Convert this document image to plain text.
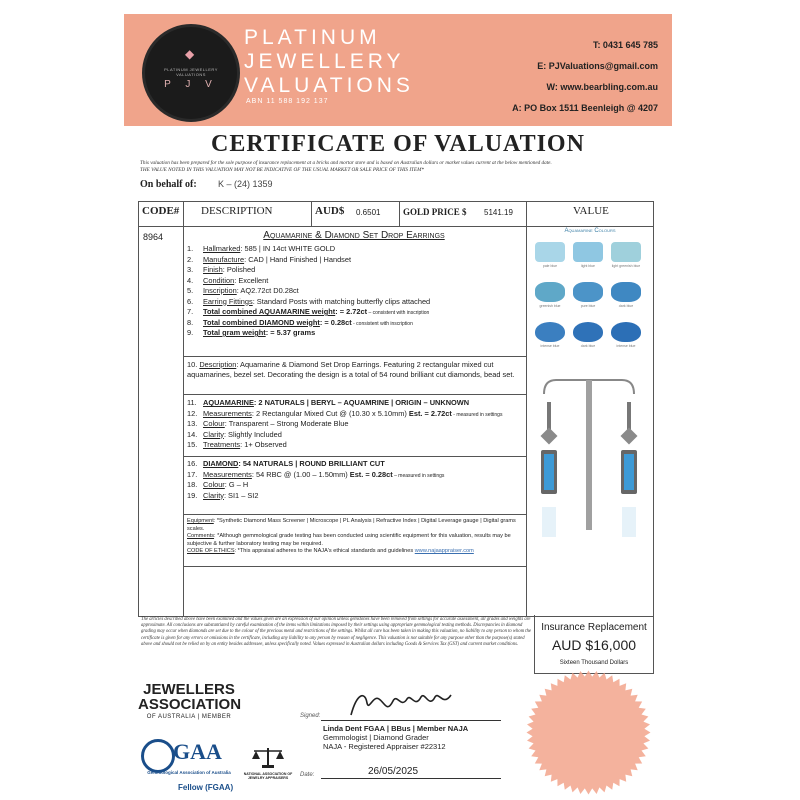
◆
PLATINUM JEWELLERY VALUATIONS
P J V
PLATINUM
JEWELLERY
VALUATIONS
ABN 11 588 192 137
T: 0431 645 785
E: PJValuations@gmail.com
W: www.bearbling.com.au
A: PO Box 1511 Beenleigh @ 4207
CERTIFICATE OF VALUATION
This valuation has been prepared for the sole purpose of insurance replacement at a bricks and mortar store and is based on Australian dollars or market values current at the below mentioned date.
THE VALUE NOTED IN THIS VALUATION MAY NOT BE INDICATIVE OF THE USUAL MARKET OR SALE PRICE OF THIS ITEM*
On behalf of: K – (24) 1359
CODE# DESCRIPTION	AUD$ 0.6501	GOLD PRICE $ 5141.19	VALUE
8964	Aquamarine & Diamond Set Drop Earrings
1. Hallmarked: 585 | IN 14ct WHITE GOLD
2. Manufacture: CAD | Hand Finished | Handset
3. Finish: Polished
4. Condition: Excellent
5. Inscription: AQ2.72ct D0.28ct
6. Earring Fittings: Standard Posts with matching butterfly clips attached
7. Total combined AQUAMARINE weight: = 2.72ct – consistent with inscription
8. Total combined DIAMOND weight: = 0.28ct - consistent with inscription
9. Total gram weight: = 5.37 grams
10. Description: Aquamarine & Diamond Set Drop Earrings. Featuring 2 rectangular mixed cut aquamarines, bezel set. Decorating the design is a total of 54 round brilliant cut diamonds, bead set.
11. AQUAMARINE: 2 NATURALS | BERYL – AQUAMRINE | ORIGIN – UNKNOWN
12. Measurements: 2 Rectangular Mixed Cut @ (10.30 x 5.10mm) Est. = 2.72ct - measured in settings
13. Colour: Transparent – Strong Moderate Blue
14. Clarity: Slightly Included
15. Treatments: 1+ Observed
16. DIAMOND: 54 NATURALS | ROUND BRILLIANT CUT
17. Measurements: 54 RBC @ (1.00 – 1.50mm) Est. = 0.28ct – measured in settings
18. Colour: G – H
19. Clarity: SI1 – SI2
Equipment: *Synthetic Diamond Mass Screener | Microscope | PL Analysis | Refractive Index | Digital Leverage gauge | Digital grams scales.
Comments: *Although gemmological grade testing has been conducted using scientific equipment for this valuation, results may be subjective & further laboratory testing may be required.
CODE OF ETHICS: *This appraisal adheres to the NAJA's ethical standards and guidelines www.najaappraiser.com
Aquamarine Colours
pale blue	light blue	light greenish blue
greenish blue	pure blue	dark blue
intense blue	dark blue	intense blue
The articles described above have been examined and the values given are an expression of our opinion unless gemstones have been removed from settings for accurate assessment, all grades and weights are approximate. All conclusions are substantiated by careful examination of the items within limitations imposed by their settings using appropriate gemmological testing methods. Discrepancies in diamond grading may occur when diamonds are set due to the colour of the precious metal and restrictions of the settings. Whilst all care has been taken in making this valuation, no liability to any person to whom the certificate is given for any errors or omissions in the certificate, including any liability to any person by reason of negligence. This valuation is not suitable for any purpose other than the purpose(s) stated above and should not be relied on by an entity besides addressee, unless specifically noted. Values expressed in Australian dollars including Goods & Services Tax (GST) and current market conditions.
Insurance Replacement
AUD $16,000
Sixteen Thousand Dollars
JEWELLERS
ASSOCIATION
OF AUSTRALIA | MEMBER
GAA
Gemmological Association of Australia
Fellow (FGAA)
NATIONAL ASSOCIATION OF JEWELRY APPRAISERS
Signed:
Linda Dent FGAA | BBus | Member NAJA
Gemmologist | Diamond Grader
NAJA - Registered Appraiser #22312
Date:	26/05/2025
